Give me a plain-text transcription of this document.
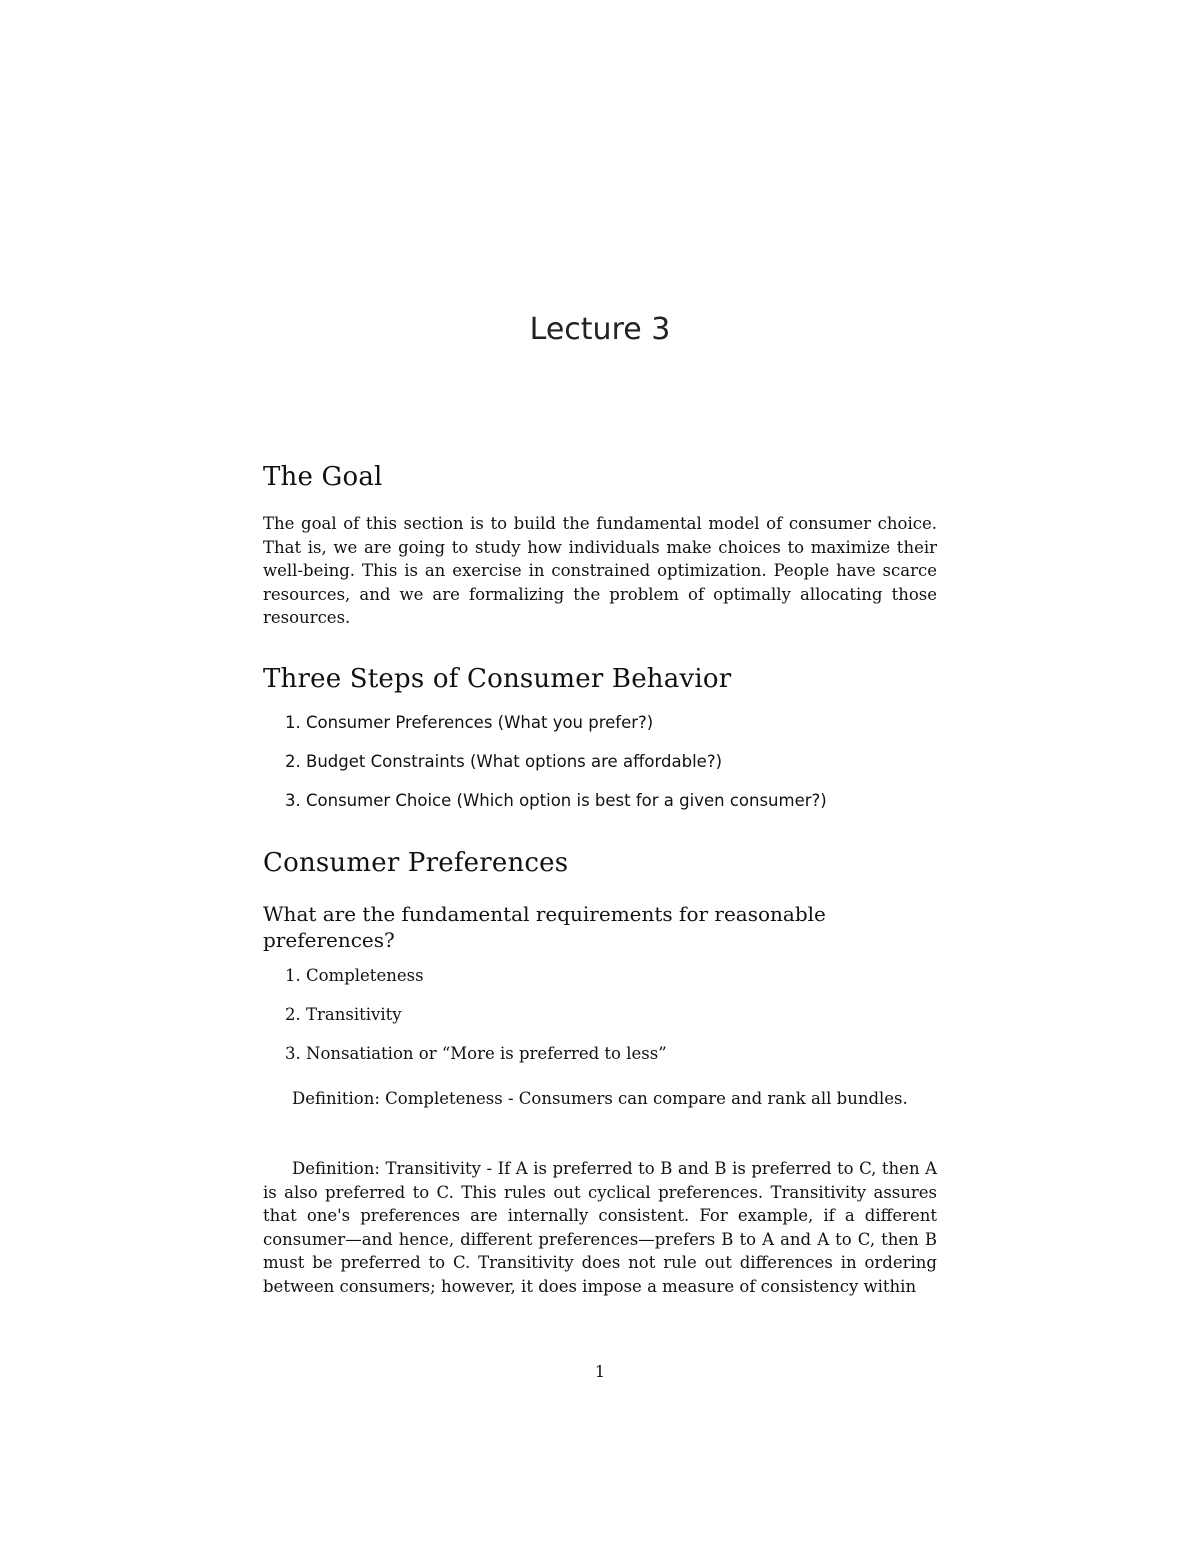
Lecture 3
The Goal

The goal of this section is to build the fundamental model of consumer choice. That is, we are going to study how individuals make choices to maximize their well-being. This is an exercise in constrained optimization. People have scarce resources, and we are formalizing the problem of optimally allocating those resources.

Three Steps of Consumer Behavior
1. Consumer Preferences (What you prefer?)
2. Budget Constraints (What options are affordable?)
3. Consumer Choice (Which option is best for a given consumer?)
Consumer Preferences
What are the fundamental requirements for reasonable preferences?
1. Completeness
2. Transitivity
3. Nonsatiation or “More is preferred to less”

Definition: Completeness - Consumers can compare and rank all bundles.

Definition: Transitivity - If A is preferred to B and B is preferred to C, then A is also preferred to C. This rules out cyclical preferences. Transitivity assures that one's preferences are internally consistent. For example, if a different consumer—and hence, different preferences—prefers B to A and A to C, then B must be preferred to C. Transitivity does not rule out differences in ordering between consumers; however, it does impose a measure of consistency within

1
